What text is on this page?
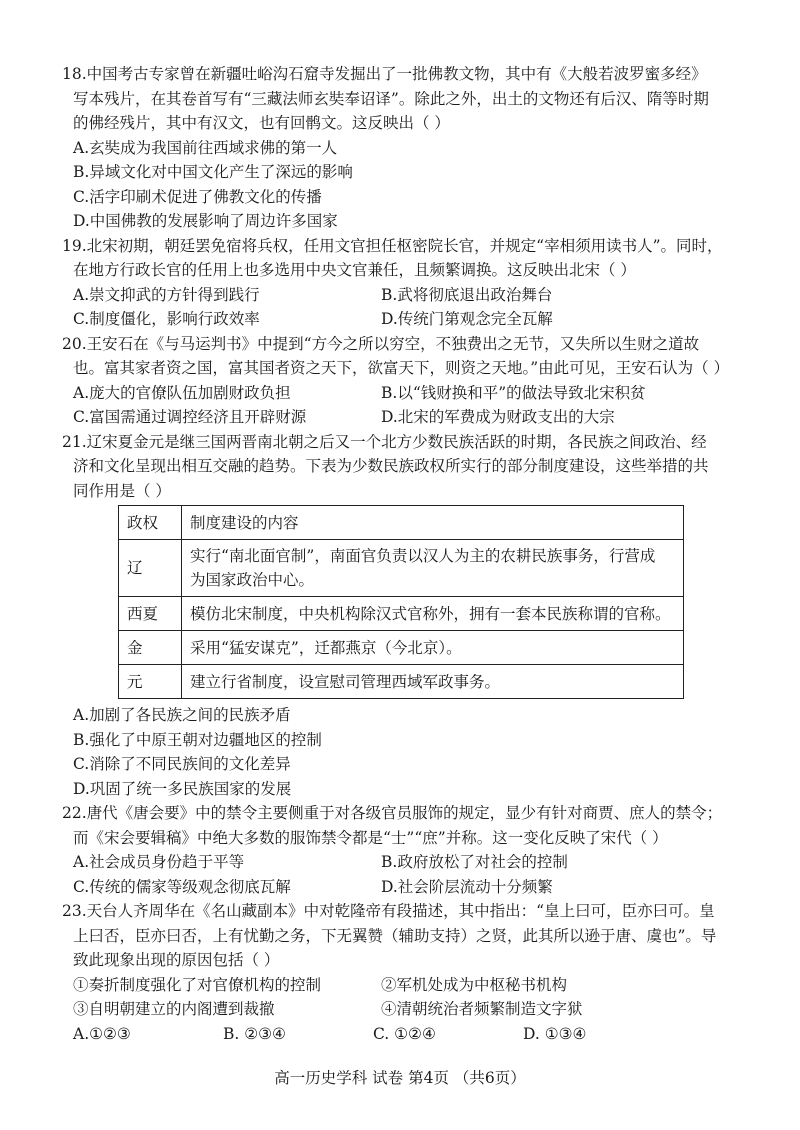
18.中国考古专家曾在新疆吐峪沟石窟寺发掘出了一批佛教文物，其中有《大般若波罗蜜多经》
写本残片，在其卷首写有“三藏法师玄奘奉诏译”。除此之外，出土的文物还有后汉、隋等时期
的佛经残片，其中有汉文，也有回鹘文。这反映出（ ）
A.玄奘成为我国前往西域求佛的第一人
B.异域文化对中国文化产生了深远的影响
C.活字印刷术促进了佛教文化的传播
D.中国佛教的发展影响了周边许多国家
19.北宋初期，朝廷罢免宿将兵权，任用文官担任枢密院长官，并规定“宰相须用读书人”。同时，
在地方行政长官的任用上也多选用中央文官兼任，且频繁调换。这反映出北宋（ ）
A.崇文抑武的方针得到践行	B.武将彻底退出政治舞台
C.制度僵化，影响行政效率	D.传统门第观念完全瓦解
20.王安石在《与马运判书》中提到“方今之所以穷空，不独费出之无节，又失所以生财之道故
也。富其家者资之国，富其国者资之天下，欲富天下，则资之天地。”由此可见，王安石认为（ ）
A.庞大的官僚队伍加剧财政负担	B.以“钱财换和平”的做法导致北宋积贫
C.富国需通过调控经济且开辟财源	D.北宋的军费成为财政支出的大宗
21.辽宋夏金元是继三国两晋南北朝之后又一个北方少数民族活跃的时期，各民族之间政治、经
济和文化呈现出相互交融的趋势。下表为少数民族政权所实行的部分制度建设，这些举措的共
同作用是（ ）
政权	制度建设的内容
辽	实行“南北面官制”，南面官负责以汉人为主的农耕民族事务，行营成
为国家政治中心。

西夏	模仿北宋制度，中央机构除汉式官称外，拥有一套本民族称谓的官称。
金	采用“猛安谋克”，迁都燕京（今北京）。
元	建立行省制度，设宣慰司管理西域军政事务。
A.加剧了各民族之间的民族矛盾
B.强化了中原王朝对边疆地区的控制
C.消除了不同民族间的文化差异
D.巩固了统一多民族国家的发展
22.唐代《唐会要》中的禁令主要侧重于对各级官员服饰的规定，显少有针对商贾、庶人的禁令；
而《宋会要辑稿》中绝大多数的服饰禁令都是“士”“庶”并称。这一变化反映了宋代（ ）
A.社会成员身份趋于平等	B.政府放松了对社会的控制
C.传统的儒家等级观念彻底瓦解	D.社会阶层流动十分频繁
23.天台人齐周华在《名山藏副本》中对乾隆帝有段描述，其中指出：“皇上曰可，臣亦曰可。皇
上曰否，臣亦曰否，上有忧勤之务，下无翼赞（辅助支持）之贤，此其所以逊于唐、虞也”。导
致此现象出现的原因包括（ ）
①奏折制度强化了对官僚机构的控制	②军机处成为中枢秘书机构
③自明朝建立的内阁遭到裁撤	④清朝统治者频繁制造文字狱
A.①②③	B. ②③④	C. ①②④	D. ①③④
高一历史学科 试卷 第4页 （共6页）
